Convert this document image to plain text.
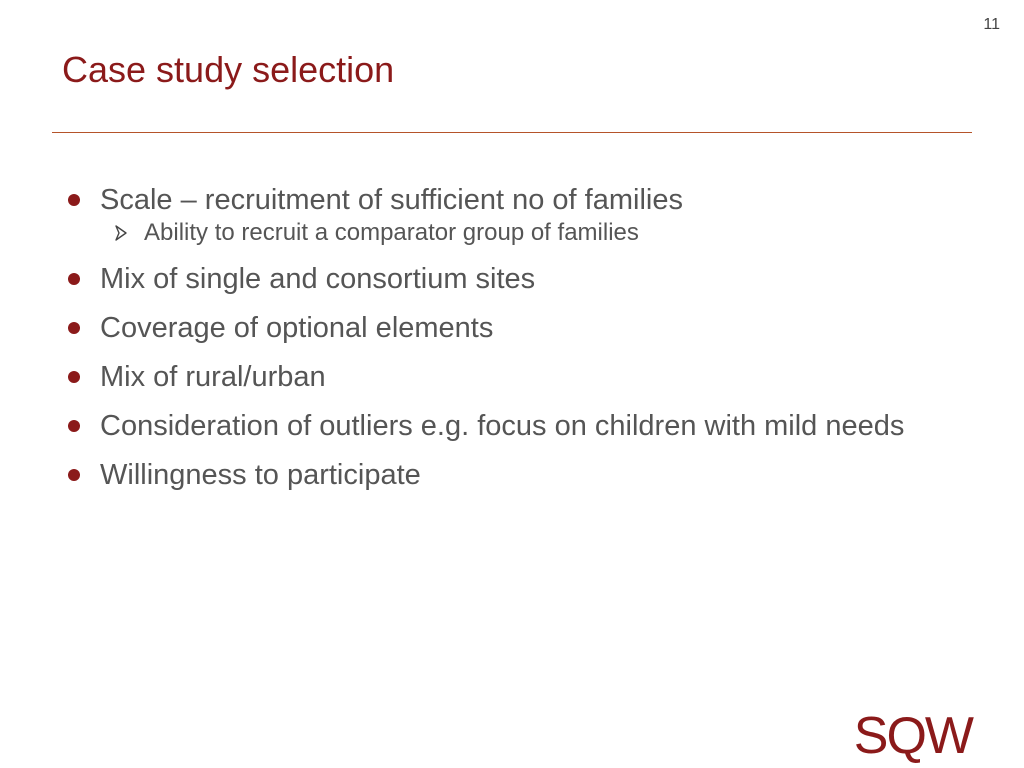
11
Case study selection
Scale – recruitment of sufficient no of families
Ability to recruit a comparator group of families
Mix of single and consortium sites
Coverage of optional elements
Mix of rural/urban
Consideration of outliers e.g. focus on children with mild needs
Willingness to participate
SQW
